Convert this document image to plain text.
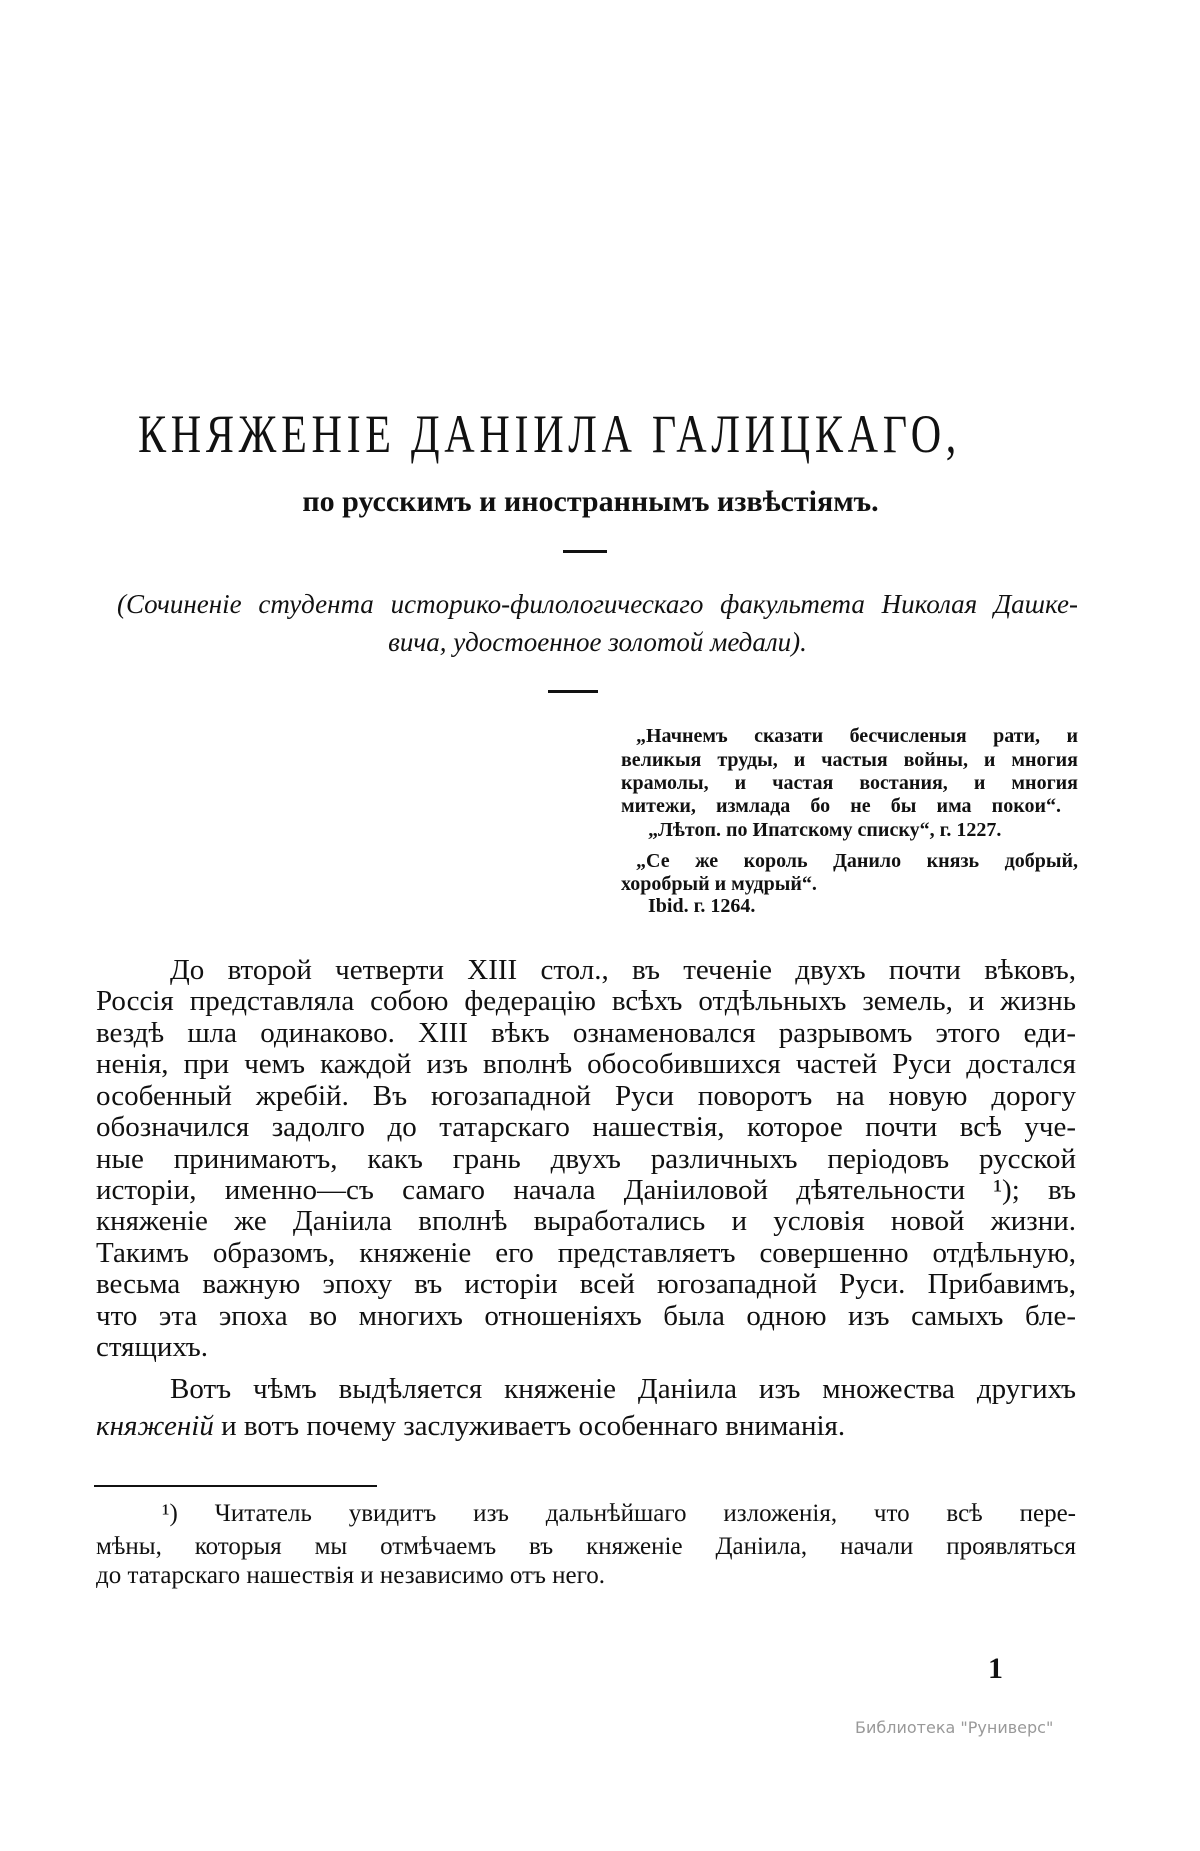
КНЯЖЕНІЕ ДАНІИЛА ГАЛИЦКАГО,
по русскимъ и иностраннымъ извѣстіямъ.
(Сочиненіе студента историко-филологическаго факультета Николая Дашке-
вича, удостоенное золотой медали).
„Начнемъ сказати бесчисленыя рати, и
великыя труды, и частыя войны, и многия
крамолы, и частая востания, и многия
митежи, измлада бо не бы има покои“.
„Лѣтоп. по Ипатскому списку“, г. 1227.
„Се же король Данило князь добрый,
хоробрый и мудрый“.
Ibid. г. 1264.
До второй четверти XIII стол., въ теченіе двухъ почти вѣковъ,
Россія представляла собою федерацію всѣхъ отдѣльныхъ земель, и жизнь
вездѣ шла одинаково. XIII вѣкъ ознаменовался разрывомъ этого еди-
ненія, при чемъ каждой изъ вполнѣ обособившихся частей Руси достался
особенный жребій. Въ югозападной Руси поворотъ на новую дорогу
обозначился задолго до татарскаго нашествія, которое почти всѣ уче-
ные принимаютъ, какъ грань двухъ различныхъ періодовъ русской
исторіи, именно—съ самаго начала Даніиловой дѣятельности ¹); въ
княженіе же Даніила вполнѣ выработались и условія новой жизни.
Такимъ образомъ, княженіе его представляетъ совершенно отдѣльную,
весьма важную эпоху въ исторіи всей югозападной Руси. Прибавимъ,
что эта эпоха во многихъ отношеніяхъ была одною изъ самыхъ бле-
стящихъ.
Вотъ чѣмъ выдѣляется княженіе Даніила изъ множества другихъ
княженій и вотъ почему заслуживаетъ особеннаго вниманія.
¹) Читатель увидитъ изъ дальнѣйшаго изложенія, что всѣ пере-
мѣны, которыя мы отмѣчаемъ въ княженіе Даніила, начали проявляться
до татарскаго нашествія и независимо отъ него.
1
Библиотека "Руниверс"
